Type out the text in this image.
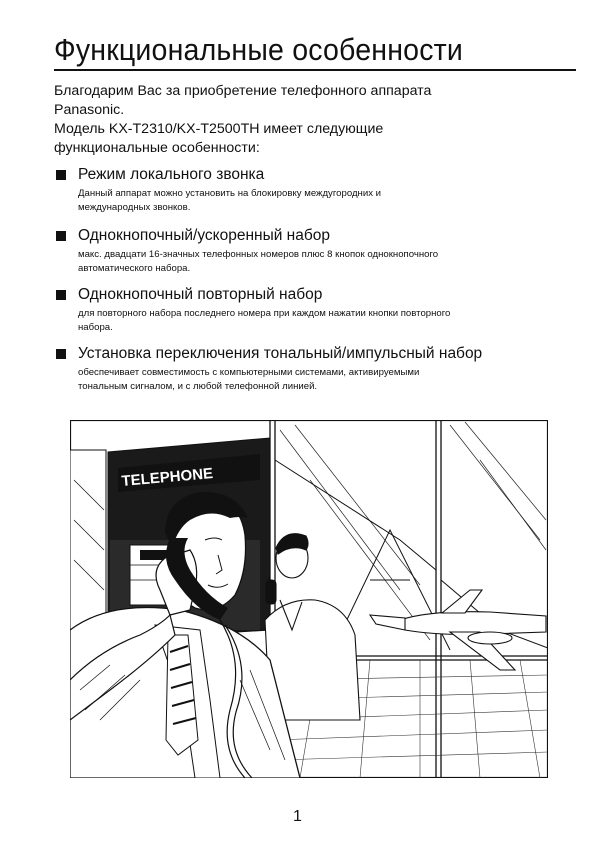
Функциональные особенности

Благодарим Вас за приобретение телефонного аппарата

Panasonic.

Модель KX-T2310/KX-T2500TH имеет следующие

функциональные особенности:

Режим локального звонка
Данный аппарат можно установить на блокировку междугородних и
международных звонков.
Однокнопочный/ускоренный набор
макс. двадцати 16-значных телефонных номеров плюс 8 кнопок однокнопочного
автоматического набора.
Однокнопочный повторный набор
для повторного набора последнего номера при каждом нажатии кнопки повторного
набора.
Установка переключения тональный/импульсный набор
обеспечивает совместимость с компьютерными системами, активируемыми
тональным сигналом, и с любой телефонной линией.
TELEPHONE
1
